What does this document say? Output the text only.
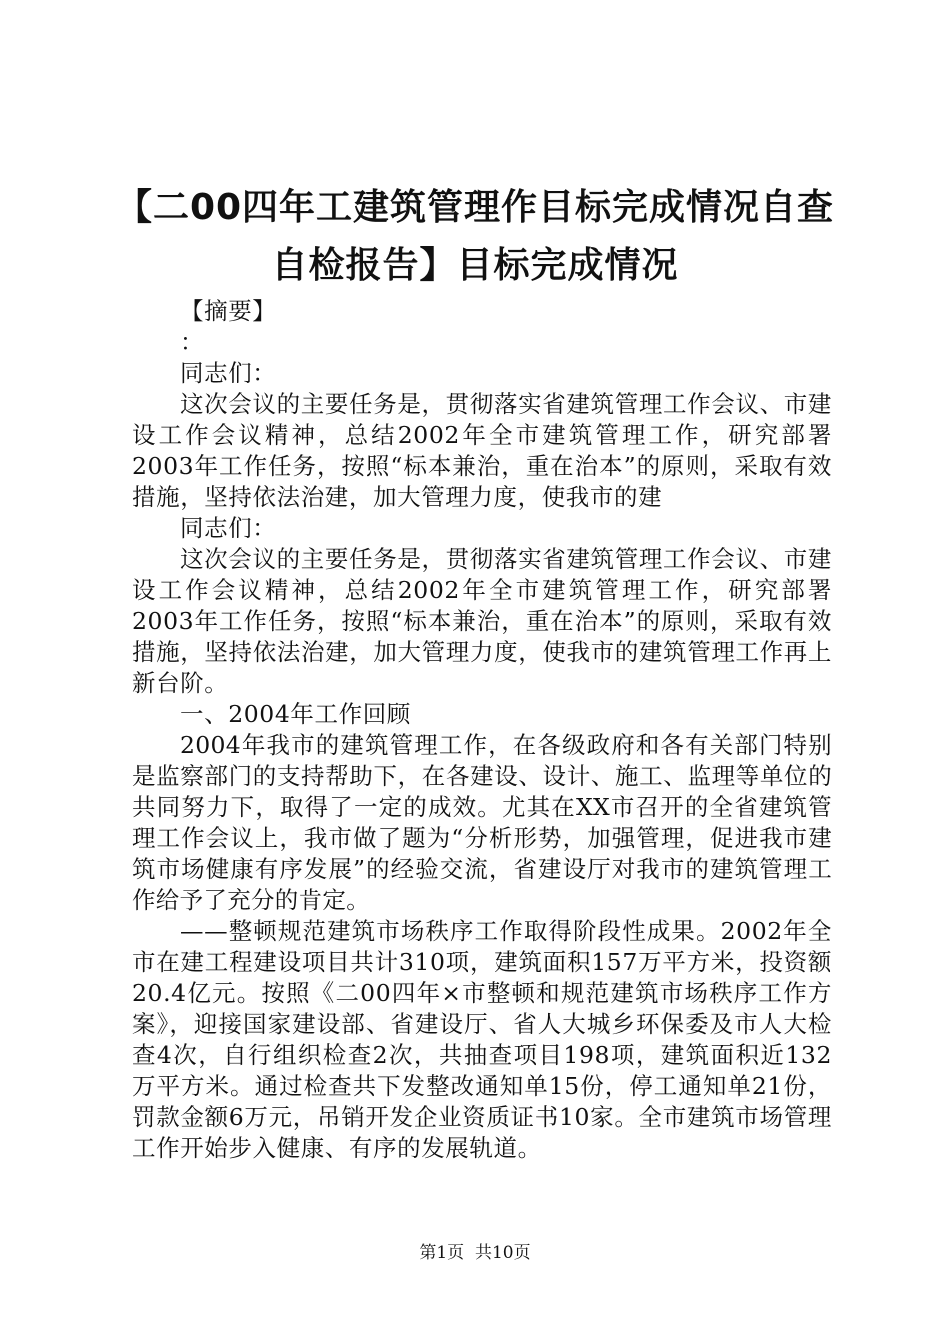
【二00四年工建筑管理作目标完成情况自查
自检报告】目标完成情况

【摘要】

：

同志们：

这次会议的主要任务是，贯彻落实省建筑管理工作会议、市建设工作会议精神，总结2002年全市建筑管理工作，研究部署2003年工作任务，按照“标本兼治，重在治本”的原则，采取有效措施，坚持依法治建，加大管理力度，使我市的建

同志们：

这次会议的主要任务是，贯彻落实省建筑管理工作会议、市建设工作会议精神，总结2002年全市建筑管理工作，研究部署2003年工作任务，按照“标本兼治，重在治本”的原则，采取有效措施，坚持依法治建，加大管理力度，使我市的建筑管理工作再上新台阶。

一、2004年工作回顾

2004年我市的建筑管理工作，在各级政府和各有关部门特别是监察部门的支持帮助下，在各建设、设计、施工、监理等单位的共同努力下，取得了一定的成效。尤其在XX市召开的全省建筑管理工作会议上，我市做了题为“分析形势，加强管理，促进我市建筑市场健康有序发展”的经验交流，省建设厅对我市的建筑管理工作给予了充分的肯定。

——整顿规范建筑市场秩序工作取得阶段性成果。2002年全市在建工程建设项目共计310项，建筑面积157万平方米，投资额20.4亿元。按照《二00四年×市整顿和规范建筑市场秩序工作方案》，迎接国家建设部、省建设厅、省人大城乡环保委及市人大检查4次，自行组织检查2次，共抽查项目198项，建筑面积近132万平方米。通过检查共下发整改通知单15份，停工通知单21份，罚款金额6万元，吊销开发企业资质证书10家。全市建筑市场管理工作开始步入健康、有序的发展轨道。

第1页  共10页
